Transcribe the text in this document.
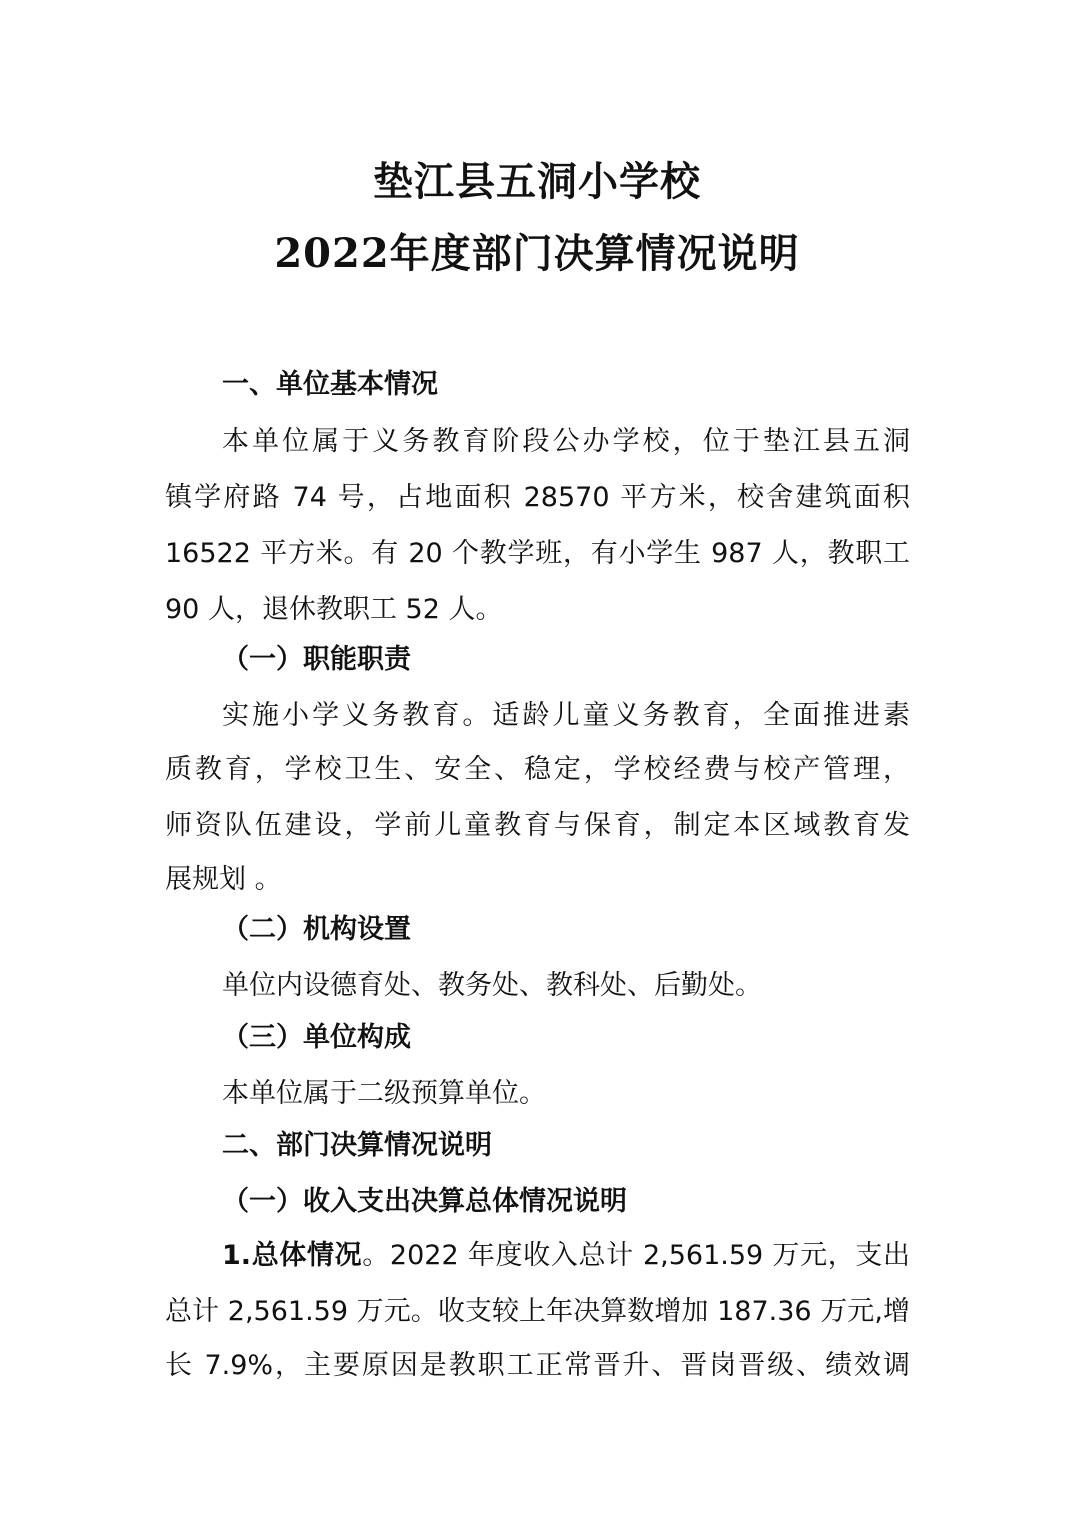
垫江县五洞小学校
2022年度部门决算情况说明

一、单位基本情况

本单位属于义务教育阶段公办学校，位于垫江县五洞

镇学府路 74 号，占地面积 28570 平方米，校舍建筑面积

16522 平方米。有 20 个教学班，有小学生 987 人，教职工

90 人，退休教职工 52 人。

（一）职能职责

实施小学义务教育。适龄儿童义务教育，全面推进素

质教育，学校卫生、安全、稳定，学校经费与校产管理，

师资队伍建设，学前儿童教育与保育，制定本区域教育发

展规划 。

（二）机构设置

单位内设德育处、教务处、教科处、后勤处。

（三）单位构成

本单位属于二级预算单位。

二、部门决算情况说明

（一）收入支出决算总体情况说明

1.总体情况。2022 年度收入总计 2,561.59 万元，支出

总计 2,561.59 万元。收支较上年决算数增加 187.36 万元,增

长 7.9%，主要原因是教职工正常晋升、晋岗晋级、绩效调
